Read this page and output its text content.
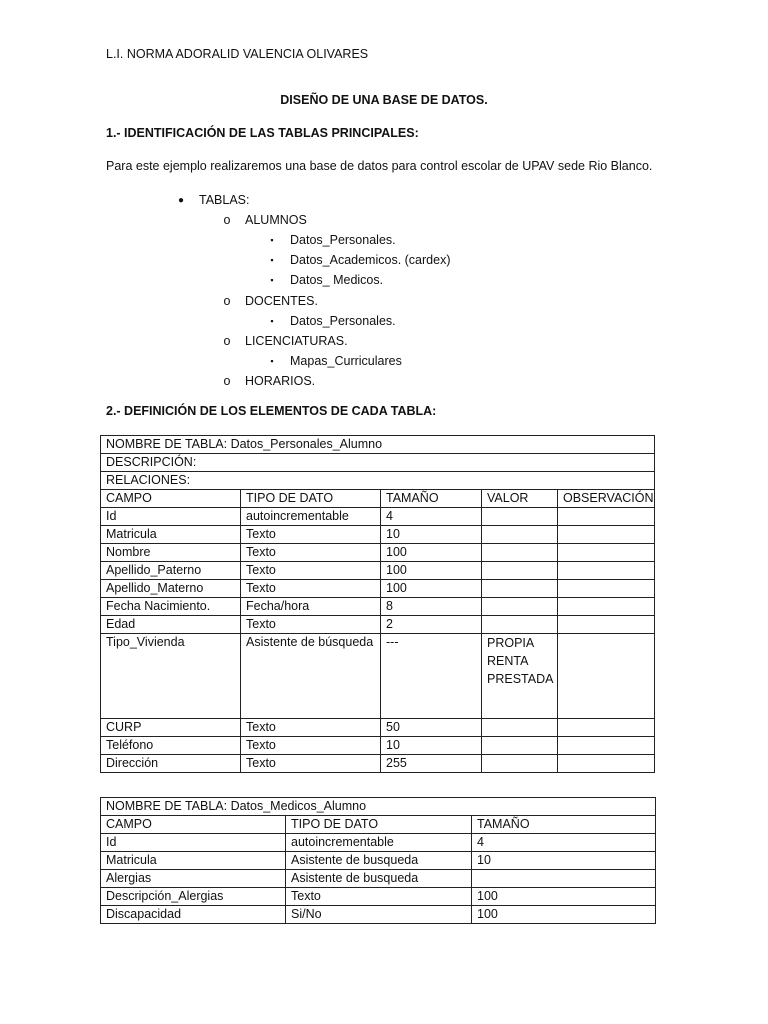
L.I. NORMA ADORALID VALENCIA OLIVARES
DISEÑO DE UNA BASE DE DATOS.
1.- IDENTIFICACIÓN DE LAS TABLAS PRINCIPALES:
Para este ejemplo realizaremos una base de datos para control escolar de UPAV sede Rio Blanco.
● TABLAS:
o ALUMNOS
▪	Datos_Personales.
▪	Datos_Academicos. (cardex)
▪	Datos_ Medicos.
o DOCENTES.
▪	Datos_Personales.
o LICENCIATURAS.
▪	Mapas_Curriculares
o HORARIOS.
2.- DEFINICIÓN DE LOS ELEMENTOS DE CADA TABLA:
NOMBRE DE TABLA: Datos_Personales_Alumno				
DESCRIPCIÓN:				
RELACIONES:				
CAMPO	TIPO DE DATO	TAMAÑO	VALOR	OBSERVACIÓN
Id	autoincrementable	4		
Matricula	Texto	10		
Nombre	Texto	100		
Apellido_Paterno	Texto	100		
Apellido_Materno	Texto	100		
Fecha Nacimiento.	Fecha/hora	8		
Edad	Texto	2		
Tipo_Vivienda	Asistente de búsqueda	---	PROPIA
RENTA
PRESTADA	

CURP	Texto	50		
Teléfono	Texto	10		
Dirección	Texto	255		
NOMBRE DE TABLA: Datos_Medicos_Alumno		
CAMPO	TIPO DE DATO	TAMAÑO
Id	autoincrementable	4
Matricula	Asistente de busqueda	10
Alergias	Asistente de busqueda	
Descripción_Alergias	Texto	100
Discapacidad	Si/No	100
